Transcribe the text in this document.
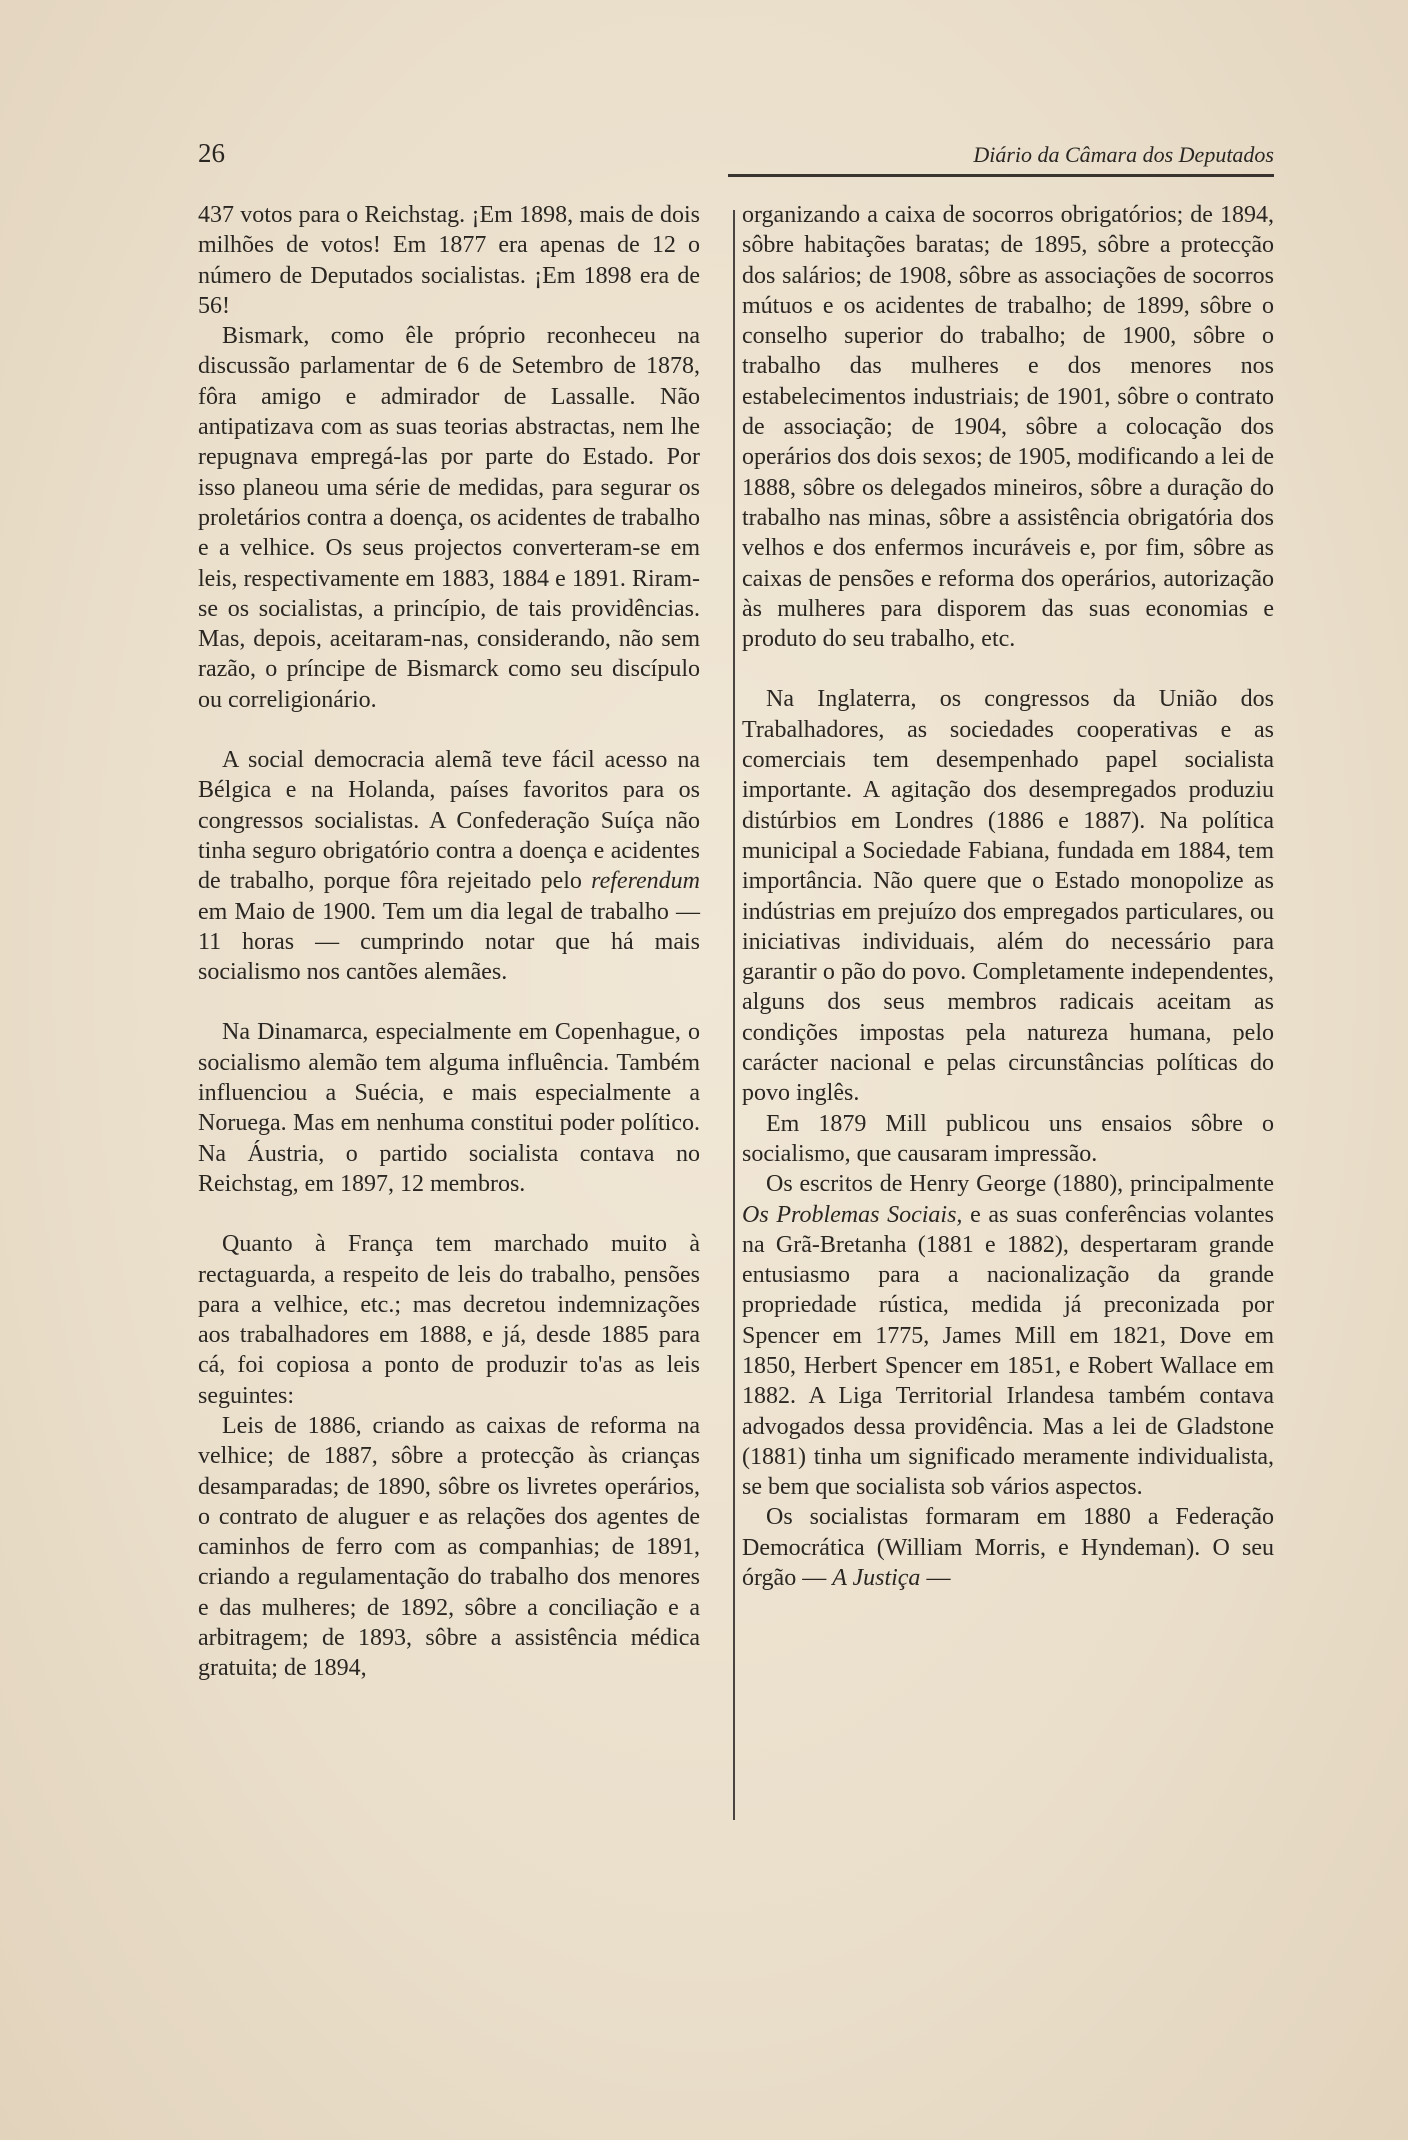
26	Diário da Câmara dos Deputados

437 votos para o Reichstag. ¡Em 1898, mais de dois milhões de votos! Em 1877 era apenas de 12 o número de Deputados socialistas. ¡Em 1898 era de 56!

Bismark, como êle próprio reconheceu na discussão parlamentar de 6 de Setembro de 1878, fôra amigo e admirador de Lassalle. Não antipatizava com as suas teorias abstractas, nem lhe repugnava empregá-las por parte do Estado. Por isso planeou uma série de medidas, para segurar os proletários contra a doença, os acidentes de trabalho e a velhice. Os seus projectos converteram-se em leis, respectivamente em 1883, 1884 e 1891. Riram-se os socialistas, a princípio, de tais providências. Mas, depois, aceitaram-nas, considerando, não sem razão, o príncipe de Bismarck como seu discípulo ou correligionário.

A social democracia alemã teve fácil acesso na Bélgica e na Holanda, países favoritos para os congressos socialistas. A Confederação Suíça não tinha seguro obrigatório contra a doença e acidentes de trabalho, porque fôra rejeitado pelo referendum em Maio de 1900. Tem um dia legal de trabalho — 11 horas — cumprindo notar que há mais socialismo nos cantões alemães.

Na Dinamarca, especialmente em Copenhague, o socialismo alemão tem alguma influência. Também influenciou a Suécia, e mais especialmente a Noruega. Mas em nenhuma constitui poder político. Na Áustria, o partido socialista contava no Reichstag, em 1897, 12 membros.

Quanto à França tem marchado muito à rectaguarda, a respeito de leis do trabalho, pensões para a velhice, etc.; mas decretou indemnizações aos trabalhadores em 1888, e já, desde 1885 para cá, foi copiosa a ponto de produzir to'as as leis seguintes:

Leis de 1886, criando as caixas de reforma na velhice; de 1887, sôbre a protecção às crianças desamparadas; de 1890, sôbre os livretes operários, o contrato de aluguer e as relações dos agentes de caminhos de ferro com as companhias; de 1891, criando a regulamentação do trabalho dos menores e das mulheres; de 1892, sôbre a conciliação e a arbitragem; de 1893, sôbre a assistência médica gratuita; de 1894,

organizando a caixa de socorros obrigatórios; de 1894, sôbre habitações baratas; de 1895, sôbre a protecção dos salários; de 1908, sôbre as associações de socorros mútuos e os acidentes de trabalho; de 1899, sôbre o conselho superior do trabalho; de 1900, sôbre o trabalho das mulheres e dos menores nos estabelecimentos industriais; de 1901, sôbre o contrato de associação; de 1904, sôbre a colocação dos operários dos dois sexos; de 1905, modificando a lei de 1888, sôbre os delegados mineiros, sôbre a duração do trabalho nas minas, sôbre a assistência obrigatória dos velhos e dos enfermos incuráveis e, por fim, sôbre as caixas de pensões e reforma dos operários, autorização às mulheres para disporem das suas economias e produto do seu trabalho, etc.

Na Inglaterra, os congressos da União dos Trabalhadores, as sociedades cooperativas e as comerciais tem desempenhado papel socialista importante. A agitação dos desempregados produziu distúrbios em Londres (1886 e 1887). Na política municipal a Sociedade Fabiana, fundada em 1884, tem importância. Não quere que o Estado monopolize as indústrias em prejuízo dos empregados particulares, ou iniciativas individuais, além do necessário para garantir o pão do povo. Completamente independentes, alguns dos seus membros radicais aceitam as condições impostas pela natureza humana, pelo carácter nacional e pelas circunstâncias políticas do povo inglês.

Em 1879 Mill publicou uns ensaios sôbre o socialismo, que causaram impressão.

Os escritos de Henry George (1880), principalmente Os Problemas Sociais, e as suas conferências volantes na Grã-Bretanha (1881 e 1882), despertaram grande entusiasmo para a nacionalização da grande propriedade rústica, medida já preconizada por Spencer em 1775, James Mill em 1821, Dove em 1850, Herbert Spencer em 1851, e Robert Wallace em 1882. A Liga Territorial Irlandesa também contava advogados dessa providência. Mas a lei de Gladstone (1881) tinha um significado meramente individualista, se bem que socialista sob vários aspectos.

Os socialistas formaram em 1880 a Federação Democrática (William Morris, e Hyndeman). O seu órgão — A Justiça —
